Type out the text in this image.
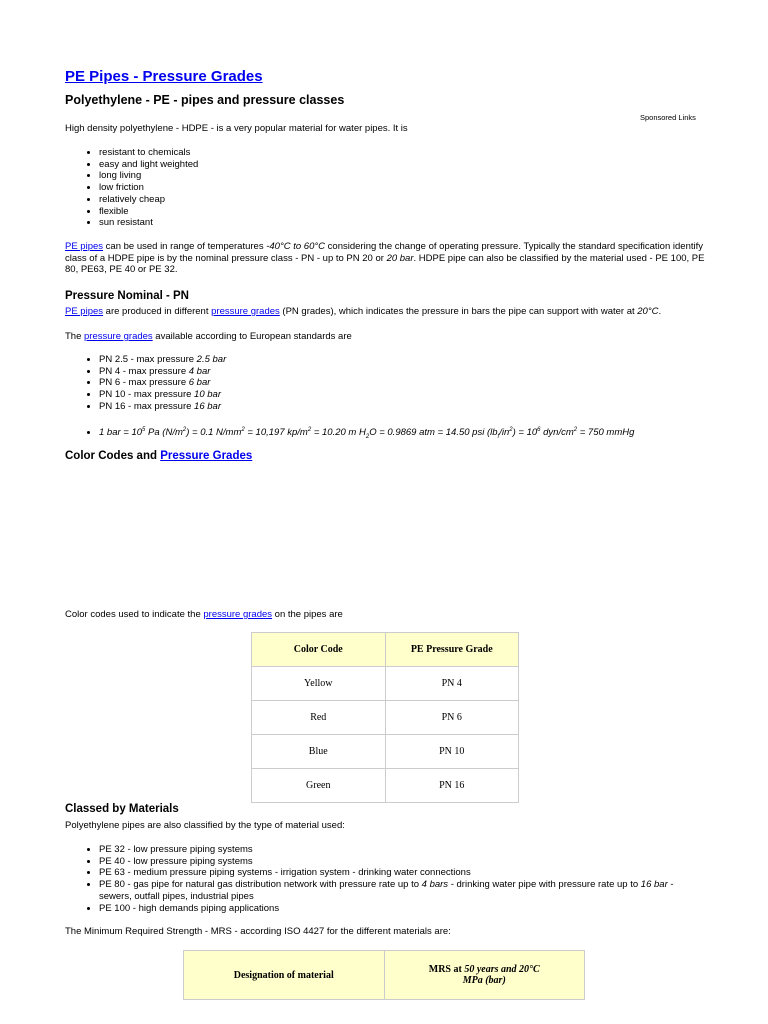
PE Pipes - Pressure Grades
Polyethylene - PE - pipes and pressure classes
Sponsored Links
High density polyethylene - HDPE - is a very popular material for water pipes. It is
• resistant to chemicals
• easy and light weighted
• long living
• low friction
• relatively cheap
• flexible
• sun resistant
PE pipes can be used in range of temperatures -40°C to 60°C considering the change of operating pressure. Typically the standard specification identify class of a HDPE pipe is by the nominal pressure class - PN - up to PN 20 or 20 bar. HDPE pipe can also be classified by the material used - PE 100, PE 80, PE63, PE 40 or PE 32.
Pressure Nominal - PN
PE pipes are produced in different pressure grades (PN grades), which indicates the pressure in bars the pipe can support with water at 20°C.
The pressure grades available according to European standards are
• PN 2.5 - max pressure 2.5 bar
• PN 4 - max pressure 4 bar
• PN 6 - max pressure 6 bar
• PN 10 - max pressure 10 bar
• PN 16 - max pressure 16 bar
• 1 bar = $10^5$ Pa $(N/m^2) = 0.1$ $N/mm^2 = 10,197$ $kp/m^2 = 10.20$ m $H_2O = 0.9869$ atm = 14.50 psi $(lb_f/in^2) = 10^6$ dyn/$cm^2 = 750$ mmHg
Color Codes and Pressure Grades
Color codes used to indicate the pressure grades on the pipes are
Color Code	PE Pressure Grade
Yellow	PN 4
Red	PN 6
Blue	PN 10
Green	PN 16
Classed by Materials
Polyethylene pipes are also classified by the type of material used:
• PE 32 - low pressure piping systems
• PE 40 - low pressure piping systems
• PE 63 - medium pressure piping systems - irrigation system - drinking water connections
• PE 80 - gas pipe for natural gas distribution network with pressure rate up to 4 bars - drinking water pipe with pressure rate up to 16 bar - sewers, outfall pipes, industrial pipes
• PE 100 - high demands piping applications
The Minimum Required Strength - MRS - according ISO 4427 for the different materials are:
Designation of material	MRS at 50 years and 20°C
MPa (bar)
